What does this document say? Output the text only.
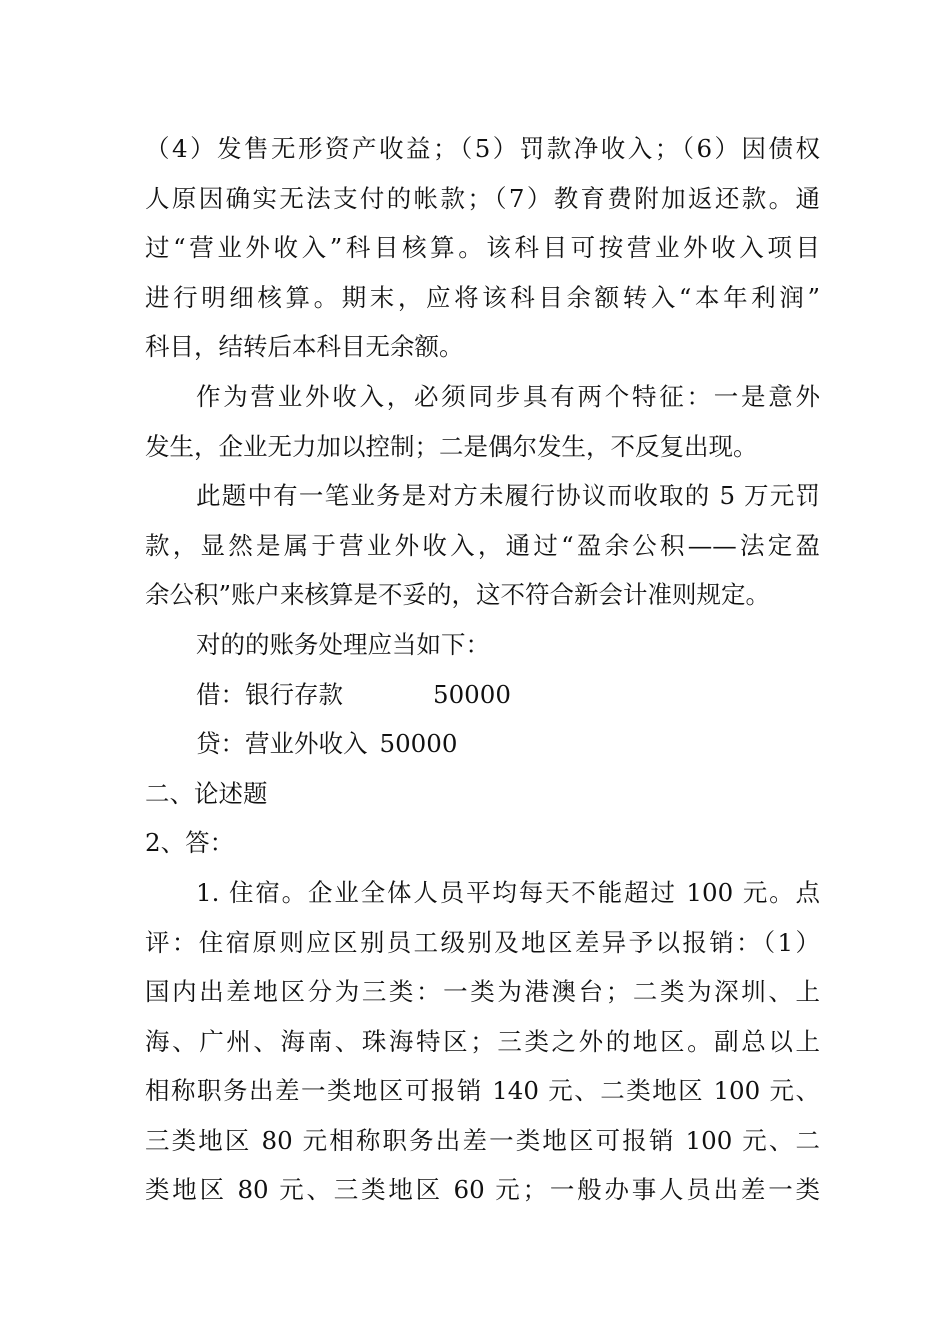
（4）发售无形资产收益；（5）罚款净收入；（6）因债权
人原因确实无法支付的帐款；（7）教育费附加返还款。通
过“营业外收入”科目核算。该科目可按营业外收入项目
进行明细核算。期末，应将该科目余额转入“本年利润”
科目，结转后本科目无余额。
作为营业外收入，必须同步具有两个特征：一是意外
发生，企业无力加以控制；二是偶尔发生，不反复出现。
此题中有一笔业务是对方未履行协议而收取的 5 万元罚
款，显然是属于营业外收入，通过“盈余公积——法定盈
余公积”账户来核算是不妥的，这不符合新会计准则规定。
对的的账务处理应当如下：
借：银行存款	50000
贷：营业外收入 50000
二、论述题
2、答：
1. 住宿。企业全体人员平均每天不能超过 100 元。点
评：住宿原则应区别员工级别及地区差异予以报销：（1）
国内出差地区分为三类：一类为港澳台；二类为深圳、上
海、广州、海南、珠海特区；三类之外的地区。副总以上
相称职务出差一类地区可报销 140 元、二类地区 100 元、
三类地区 80 元相称职务出差一类地区可报销 100 元、二
类地区 80 元、三类地区 60 元；一般办事人员出差一类
